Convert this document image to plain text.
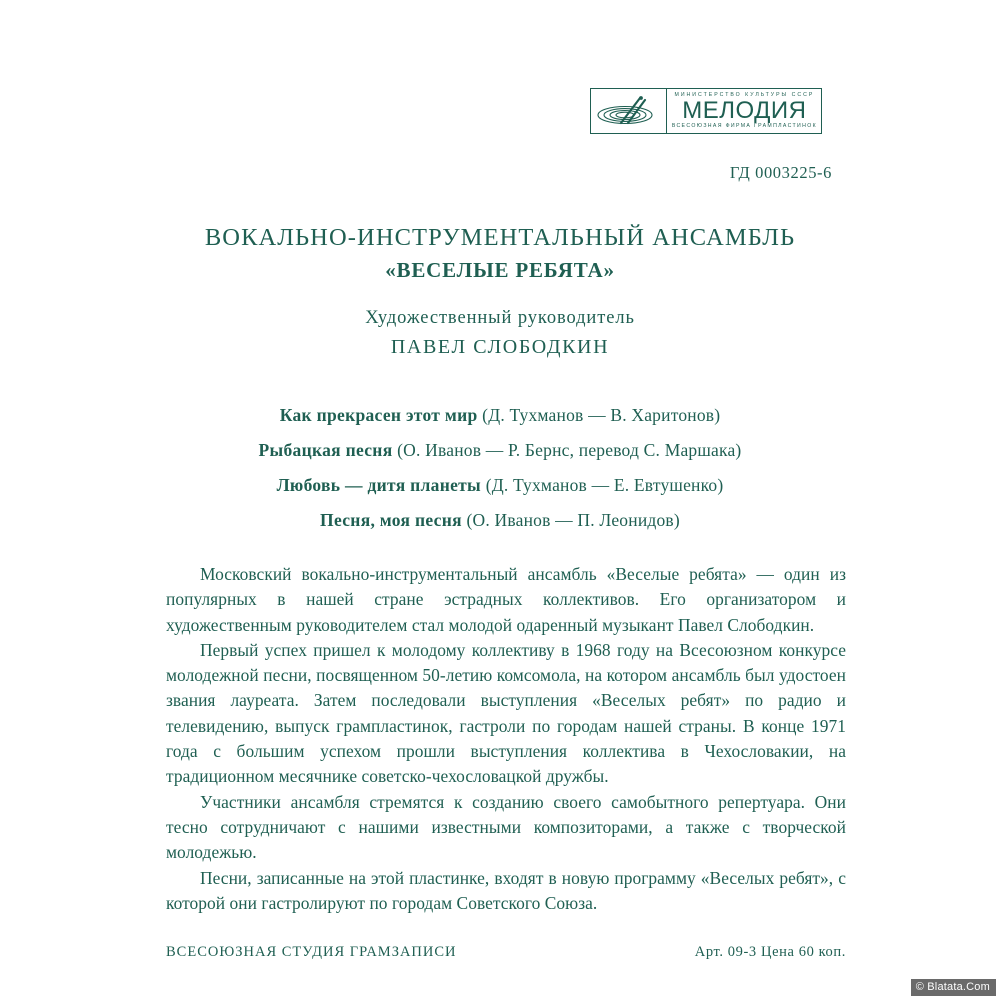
МИНИСТЕРСТВО КУЛЬТУРЫ СССР
МЕЛОДИЯ
ВСЕСОЮЗНАЯ ФИРМА ГРАМПЛАСТИНОК
ГД 0003225-6
ВОКАЛЬНО-ИНСТРУМЕНТАЛЬНЫЙ АНСАМБЛЬ
«ВЕСЕЛЫЕ РЕБЯТА»
Художественный руководитель
ПАВЕЛ СЛОБОДКИН
Как прекрасен этот мир (Д. Тухманов — В. Харитонов)
Рыбацкая песня (О. Иванов — Р. Бернс, перевод С. Маршака)
Любовь — дитя планеты (Д. Тухманов — Е. Евтушенко)
Песня, моя песня (О. Иванов — П. Леонидов)

Московский вокально-инструментальный ансамбль «Веселые ребята» — один из популярных в нашей стране эстрадных коллективов. Его организатором и художественным руководителем стал молодой одаренный музыкант Павел Слободкин.

Первый успех пришел к молодому коллективу в 1968 году на Всесоюзном конкурсе молодежной песни, посвященном 50-летию комсомола, на котором ансамбль был удостоен звания лауреата. Затем последовали выступления «Веселых ребят» по радио и телевидению, выпуск грампластинок, гастроли по городам нашей страны. В конце 1971 года с большим успехом прошли выступления коллектива в Чехословакии, на традиционном месячнике советско-чехословацкой дружбы.

Участники ансамбля стремятся к созданию своего самобытного репертуара. Они тесно сотрудничают с нашими известными композиторами, а также с творческой молодежью.

Песни, записанные на этой пластинке, входят в новую программу «Веселых ребят», с которой они гастролируют по городам Советского Союза.

ВСЕСОЮЗНАЯ СТУДИЯ ГРАМЗАПИСИ	Арт. 09-3 Цена 60 коп.
© Blatata.Com
